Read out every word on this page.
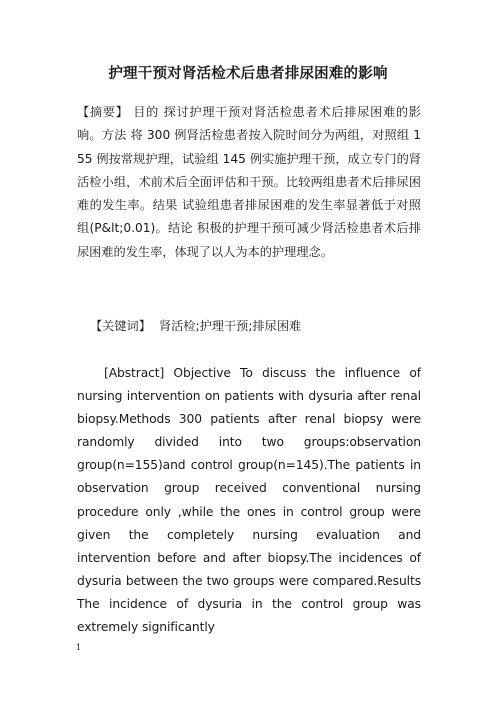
护理干预对肾活检术后患者排尿困难的影响
【摘要】 目的 探讨护理干预对肾活检患者术后排尿困难的影响。方法 将 300 例肾活检患者按入院时间分为两组，对照组 155 例按常规护理，试验组 145 例实施护理干预，成立专门的肾活检小组，术前术后全面评估和干预。比较两组患者术后排尿困难的发生率。结果 试验组患者排尿困难的发生率显著低于对照组(P&lt;0.01)。结论 积极的护理干预可减少肾活检患者术后排尿困难的发生率，体现了以人为本的护理理念。
【关键词】 肾活检;护理干预;排尿困难
[Abstract] Objective To discuss the influence of nursing intervention on patients with dysuria after renal biopsy.Methods 300 patients after renal biopsy were randomly divided into two groups:observation group(n=155)and control group(n=145).The patients in observation group received conventional nursing procedure only ,while the ones in control group were given the completely nursing evaluation and intervention before and after biopsy.The incidences of dysuria between the two groups were compared.Results The incidence of dysuria in the control group was extremely significantly
1
